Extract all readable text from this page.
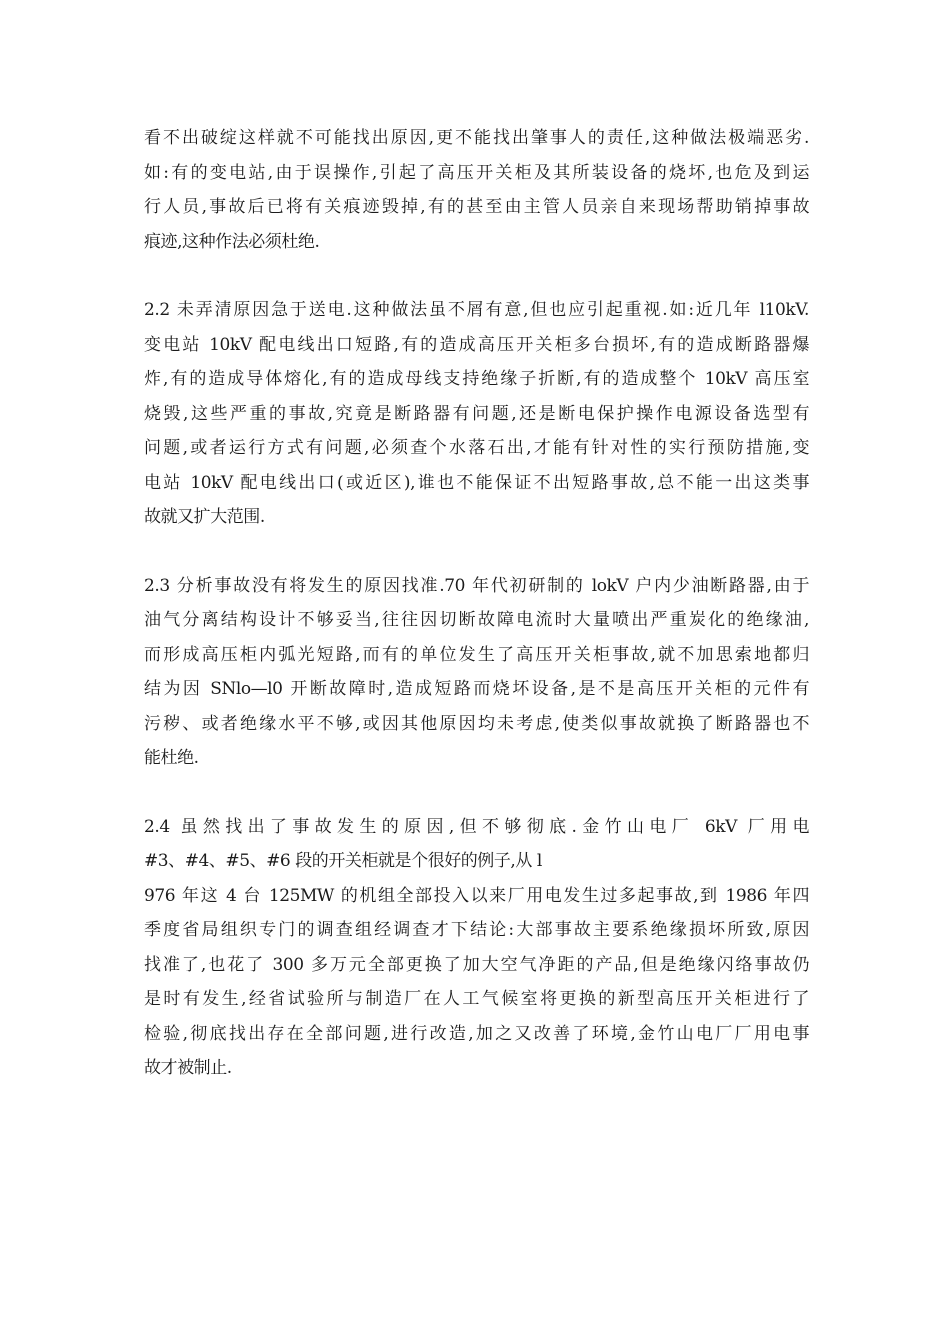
看不出破绽这样就不可能找出原因,更不能找出肇事人的责任,这种做法极端恶劣.
如:有的变电站,由于误操作,引起了高压开关柜及其所装设备的烧坏,也危及到运
行人员,事故后已将有关痕迹毁掉,有的甚至由主管人员亲自来现场帮助销掉事故
痕迹,这种作法必须杜绝.

2.2 未弄清原因急于送电.这种做法虽不屑有意,但也应引起重视.如:近几年 l10kV.
变电站 10kV 配电线出口短路,有的造成高压开关柜多台损坏,有的造成断路器爆
炸,有的造成导体熔化,有的造成母线支持绝缘子折断,有的造成整个 10kV 高压室
烧毁,这些严重的事故,究竟是断路器有问题,还是断电保护操作电源设备选型有
问题,或者运行方式有问题,必须查个水落石出,才能有针对性的实行预防措施,变
电站 10kV 配电线出口(或近区),谁也不能保证不出短路事故,总不能一出这类事
故就又扩大范围.

2.3 分析事故没有将发生的原因找准.70 年代初研制的 lokV 户内少油断路器,由于
油气分离结构设计不够妥当,往往因切断故障电流时大量喷出严重炭化的绝缘油,
而形成高压柜内弧光短路,而有的单位发生了高压开关柜事故,就不加思索地都归
结为因 SNlo—l0 开断故障时,造成短路而烧坏设备,是不是高压开关柜的元件有
污秽、或者绝缘水平不够,或因其他原因均未考虑,使类似事故就换了断路器也不
能杜绝.

2.4 虽然找出了事故发生的原因,但不够彻底.金竹山电厂 6kV 厂用电
#3、#4、#5、#6 段的开关柜就是个很好的例子,从 l
976 年这 4 台 125MW 的机组全部投入以来厂用电发生过多起事故,到 1986 年四
季度省局组织专门的调查组经调查才下结论:大部事故主要系绝缘损坏所致,原因
找准了,也花了 300 多万元全部更换了加大空气净距的产品,但是绝缘闪络事故仍
是时有发生,经省试验所与制造厂在人工气候室将更换的新型高压开关柜进行了
检验,彻底找出存在全部问题,进行改造,加之又改善了环境,金竹山电厂厂用电事
故才被制止.
